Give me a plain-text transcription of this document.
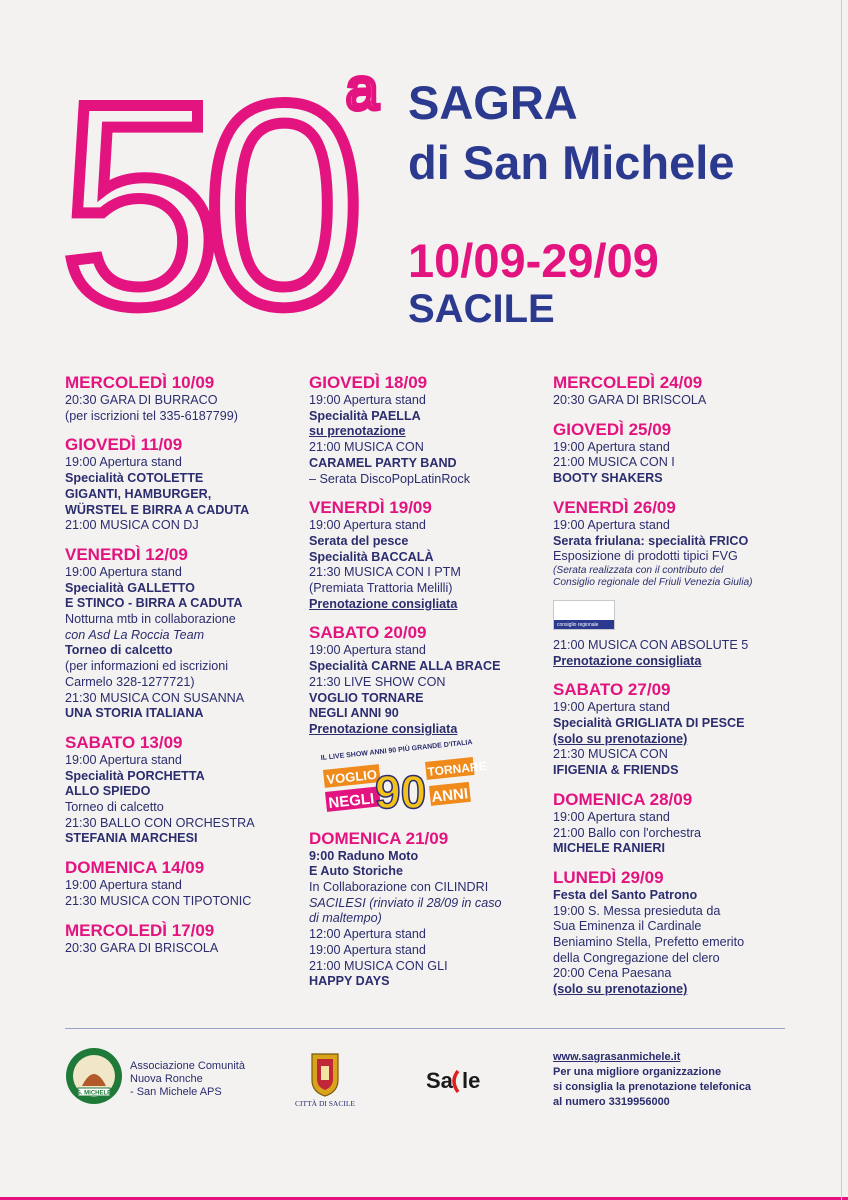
50 a SAGRA
di San Michele
10/09-29/09
SACILE
MERCOLEDÌ 10/09
20:30 GARA DI BURRACO
(per iscrizioni tel 335-6187799)
GIOVEDÌ 11/09
19:00 Apertura stand
Specialità COTOLETTE
GIGANTI, HAMBURGER,
WÜRSTEL E BIRRA A CADUTA
21:00 MUSICA CON DJ
VENERDÌ 12/09
19:00 Apertura stand
Specialità GALLETTO
E STINCO - BIRRA A CADUTA
Notturna mtb in collaborazione
con Asd La Roccia Team
Torneo di calcetto
(per informazioni ed iscrizioni
Carmelo 328-1277721)
21:30 MUSICA CON SUSANNA
UNA STORIA ITALIANA
SABATO 13/09
19:00 Apertura stand
Specialità PORCHETTA
ALLO SPIEDO
Torneo di calcetto
21:30 BALLO CON ORCHESTRA
STEFANIA MARCHESI
DOMENICA 14/09
19:00 Apertura stand
21:30 MUSICA CON TIPOTONIC
MERCOLEDÌ 17/09
20:30 GARA DI BRISCOLA
GIOVEDÌ 18/09
19:00 Apertura stand
Specialità PAELLA
su prenotazione
21:00 MUSICA CON
CARAMEL PARTY BAND
– Serata DiscoPopLatinRock
VENERDÌ 19/09
19:00 Apertura stand
Serata del pesce
Specialità BACCALÀ
21:30 MUSICA CON I PTM
(Premiata Trattoria Melilli)
Prenotazione consigliata
SABATO 20/09
19:00 Apertura stand
Specialità CARNE ALLA BRACE
21:30 LIVE SHOW CON
VOGLIO TORNARE
NEGLI ANNI 90
Prenotazione consigliata
IL LIVE SHOW ANNI 90 PIÙ GRANDE D'ITALIA
VOGLIO
NEGLI 90 TORNARE
ANNI
DOMENICA 21/09
9:00 Raduno Moto
E Auto Storiche
In Collaborazione con CILINDRI
SACILESI (rinviato il 28/09 in caso
di maltempo)
12:00 Apertura stand
19:00 Apertura stand
21:00 MUSICA CON GLI
HAPPY DAYS
MERCOLEDÌ 24/09
20:30 GARA DI BRISCOLA
GIOVEDÌ 25/09
19:00 Apertura stand
21:00 MUSICA CON I
BOOTY SHAKERS
VENERDÌ 26/09
19:00 Apertura stand
Serata friulana: specialità FRICO
Esposizione di prodotti tipici FVG
(Serata realizzata con il contributo del
Consiglio regionale del Friuli Venezia Giulia)
consiglio regionale
21:00 MUSICA CON ABSOLUTE 5
Prenotazione consigliata
SABATO 27/09
19:00 Apertura stand
Specialità GRIGLIATA DI PESCE
(solo su prenotazione)
21:30 MUSICA CON
IFIGENIA & FRIENDS
DOMENICA 28/09
19:00 Apertura stand
21:00 Ballo con l'orchestra
MICHELE RANIERI
LUNEDÌ 29/09
Festa del Santo Patrono
19:00 S. Messa presieduta da
Sua Eminenza il Cardinale
Beniamino Stella, Prefetto emerito
della Congregazione del clero
20:00 Cena Paesana
(solo su prenotazione)
S. MICHELE
Associazione Comunità
Nuova Ronche
- San Michele APS
CITTÀ DI SACILE
Sa le
www.sagrasanmichele.it
Per una migliore organizzazione
si consiglia la prenotazione telefonica
al numero 3319956000
